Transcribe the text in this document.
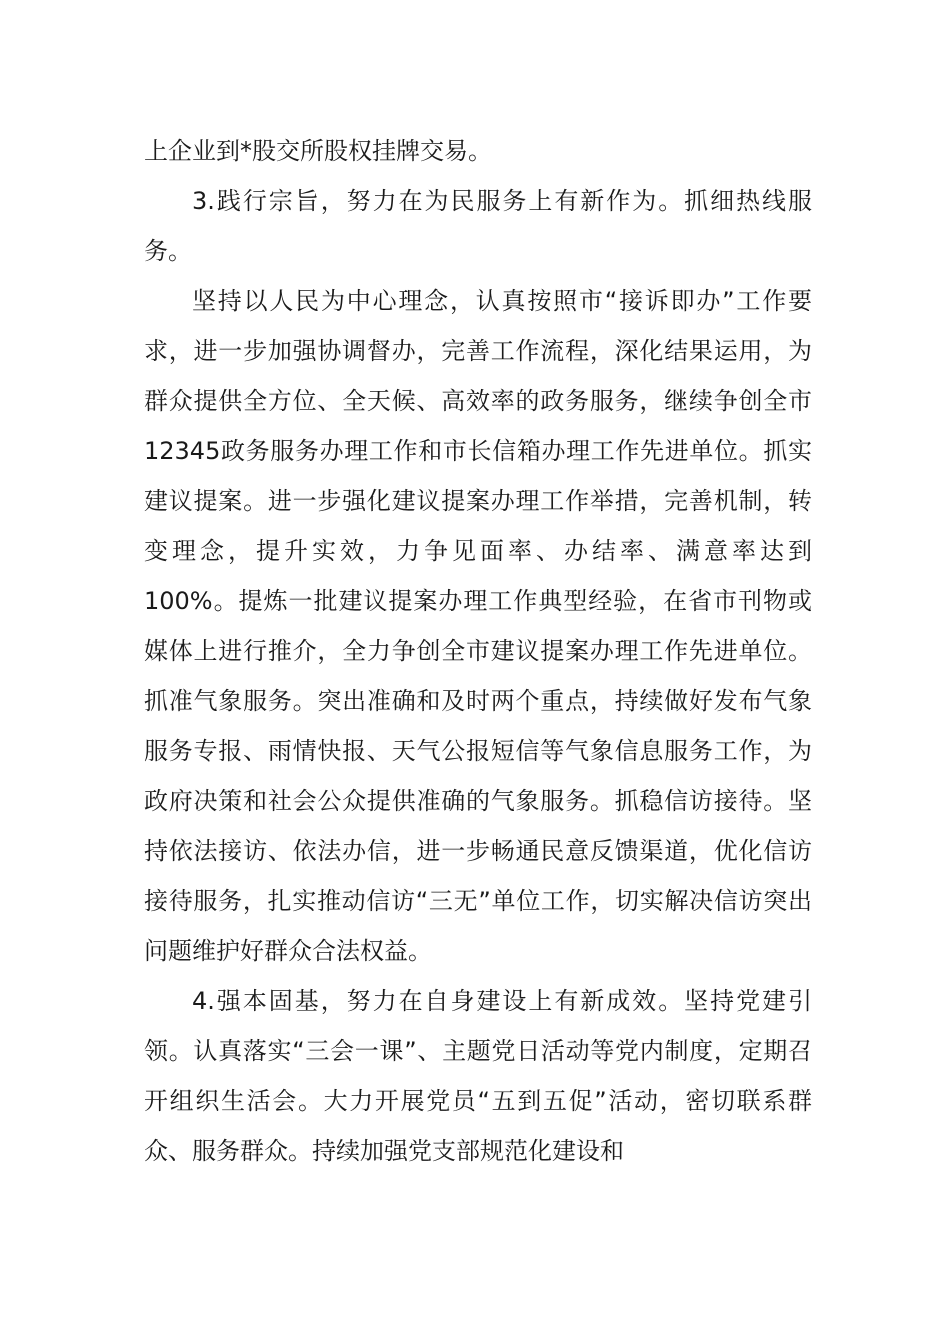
上企业到*股交所股权挂牌交易。

3.践行宗旨，努力在为民服务上有新作为。抓细热线服务。

坚持以人民为中心理念，认真按照市“接诉即办”工作要求，进一步加强协调督办，完善工作流程，深化结果运用，为群众提供全方位、全天候、高效率的政务服务，继续争创全市12345政务服务办理工作和市长信箱办理工作先进单位。抓实建议提案。进一步强化建议提案办理工作举措，完善机制，转变理念，提升实效，力争见面率、办结率、满意率达到100%。提炼一批建议提案办理工作典型经验，在省市刊物或媒体上进行推介，全力争创全市建议提案办理工作先进单位。抓准气象服务。突出准确和及时两个重点，持续做好发布气象服务专报、雨情快报、天气公报短信等气象信息服务工作，为政府决策和社会公众提供准确的气象服务。抓稳信访接待。坚持依法接访、依法办信，进一步畅通民意反馈渠道，优化信访接待服务，扎实推动信访“三无”单位工作，切实解决信访突出问题维护好群众合法权益。

4.强本固基，努力在自身建设上有新成效。坚持党建引领。认真落实“三会一课”、主题党日活动等党内制度，定期召开组织生活会。大力开展党员“五到五促”活动，密切联系群众、服务群众。持续加强党支部规范化建设和
